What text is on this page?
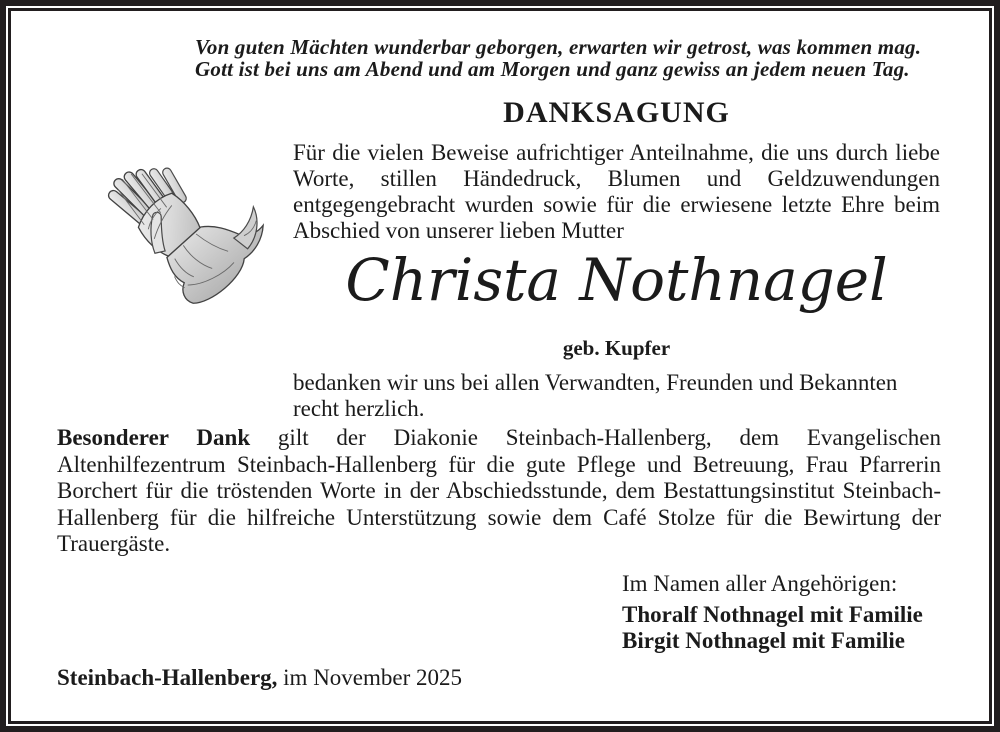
Von guten Mächten wunderbar geborgen, erwarten wir getrost, was kommen mag.
Gott ist bei uns am Abend und am Morgen und ganz gewiss an jedem neuen Tag.
DANKSAGUNG
Für die vielen Beweise aufrichtiger Anteilnahme, die uns durch liebe Worte, stillen Händedruck, Blumen und Geldzuwendungen entgegengebracht wurden sowie für die erwiesene letzte Ehre beim Abschied von unserer lieben Mutter
Christa Nothnagel
geb. Kupfer
bedanken wir uns bei allen Verwandten, Freunden und Bekannten recht herzlich.
Besonderer Dank gilt der Diakonie Steinbach-Hallenberg, dem Evangelischen Altenhilfezentrum Steinbach-Hallenberg für die gute Pflege und Betreuung, Frau Pfarrerin Borchert für die tröstenden Worte in der Abschiedsstunde, dem Bestattungsinstitut Steinbach-Hallenberg für die hilfreiche Unterstützung sowie dem Café Stolze für die Bewirtung der Trauergäste.
Im Namen aller Angehörigen:
Thoralf Nothnagel mit Familie
Birgit Nothnagel mit Familie
Steinbach-Hallenberg, im November 2025
